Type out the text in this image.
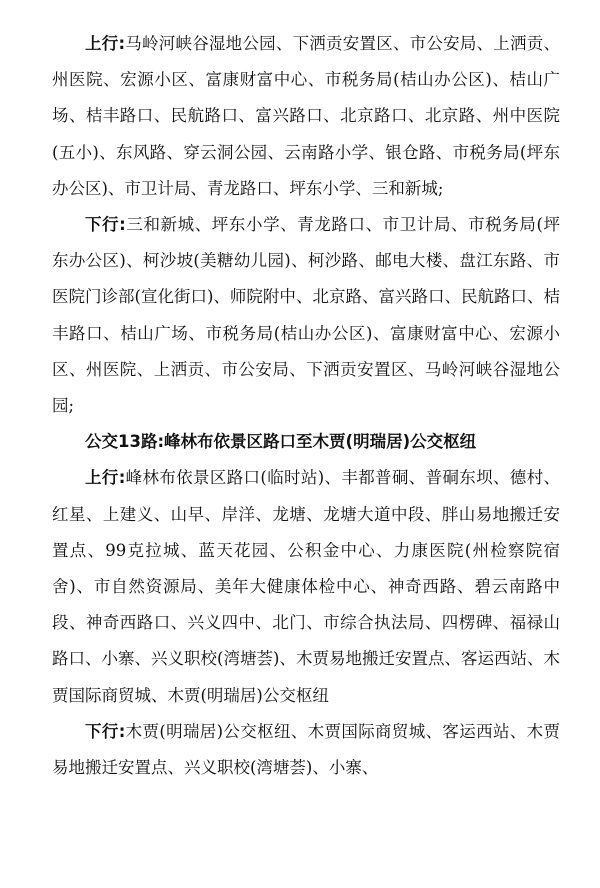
上行:马岭河峡谷湿地公园、下洒贡安置区、市公安局、上洒贡、州医院、宏源小区、富康财富中心、市税务局(桔山办公区)、桔山广场、桔丰路口、民航路口、富兴路口、北京路口、北京路、州中医院(五小)、东风路、穿云洞公园、云南路小学、银仓路、市税务局(坪东办公区)、市卫计局、青龙路口、坪东小学、三和新城;

下行:三和新城、坪东小学、青龙路口、市卫计局、市税务局(坪东办公区)、柯沙坡(美糖幼儿园)、柯沙路、邮电大楼、盘江东路、市医院门诊部(宣化街口)、师院附中、北京路、富兴路口、民航路口、桔丰路口、桔山广场、市税务局(桔山办公区)、富康财富中心、宏源小区、州医院、上洒贡、市公安局、下洒贡安置区、马岭河峡谷湿地公园;

公交13路:峰林布依景区路口至木贾(明瑞居)公交枢纽

上行:峰林布依景区路口(临时站)、丰都普硐、普硐东坝、德村、红星、上建义、山早、岸洋、龙塘、龙塘大道中段、胖山易地搬迁安置点、99克拉城、蓝天花园、公积金中心、力康医院(州检察院宿舍)、市自然资源局、美年大健康体检中心、神奇西路、碧云南路中段、神奇西路口、兴义四中、北门、市综合执法局、四楞碑、福禄山路口、小寨、兴义职校(湾塘荟)、木贾易地搬迁安置点、客运西站、木贾国际商贸城、木贾(明瑞居)公交枢纽

下行:木贾(明瑞居)公交枢纽、木贾国际商贸城、客运西站、木贾易地搬迁安置点、兴义职校(湾塘荟)、小寨、
